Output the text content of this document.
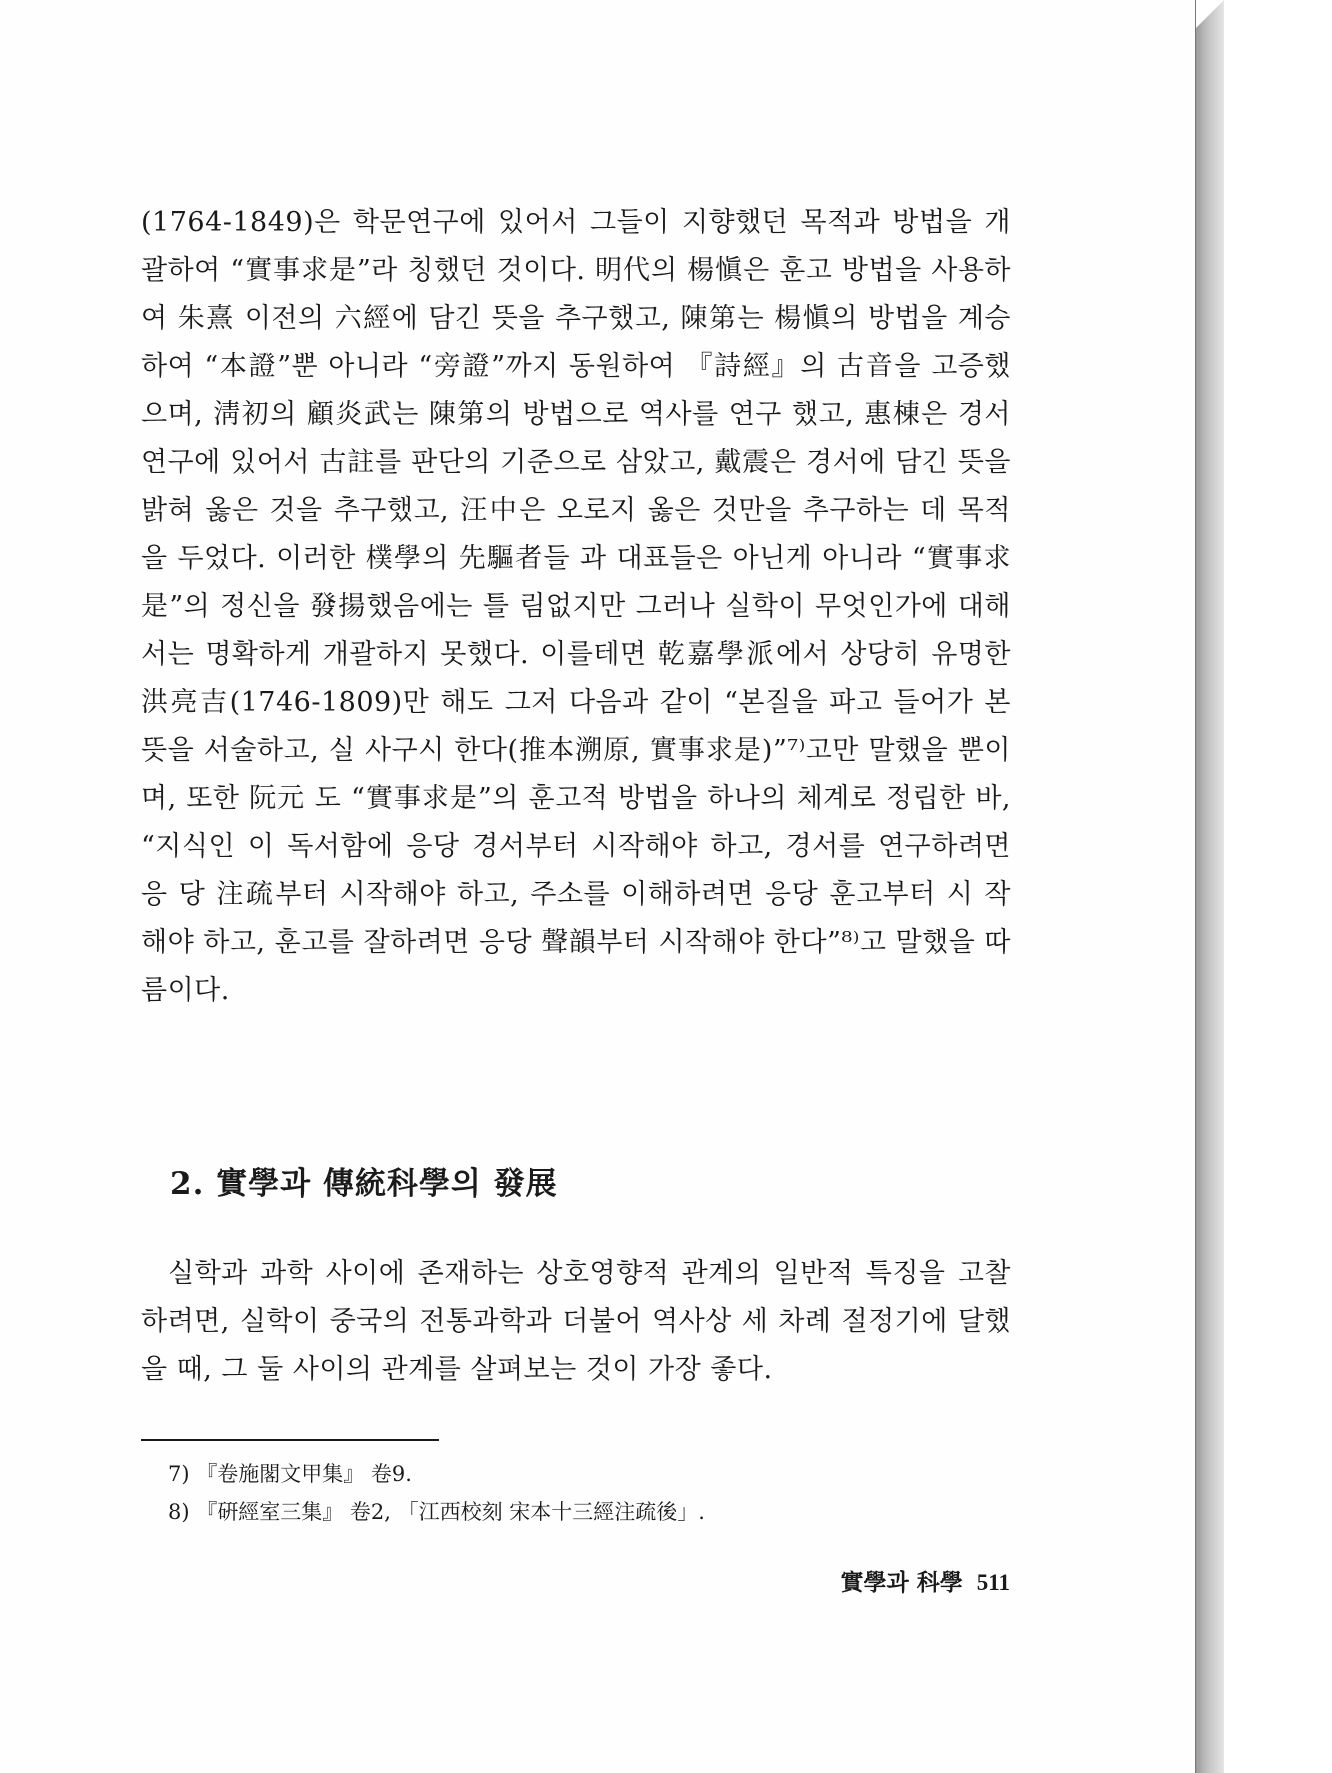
(1764-1849)은 학문연구에 있어서 그들이 지향했던 목적과 방법을 개괄하여 “實事求是”라 칭했던 것이다. 明代의 楊愼은 훈고 방법을 사용하여 朱熹 이전의 六經에 담긴 뜻을 추구했고, 陳第는 楊愼의 방법을 계승하여 “本證”뿐 아니라 “旁證”까지 동원하여 『詩經』의 古音을 고증했으며, 淸初의 顧炎武는 陳第의 방법으로 역사를 연구 했고, 惠棟은 경서연구에 있어서 古註를 판단의 기준으로 삼았고, 戴震은 경서에 담긴 뜻을 밝혀 옳은 것을 추구했고, 汪中은 오로지 옳은 것만을 추구하는 데 목적을 두었다. 이러한 樸學의 先驅者들 과 대표들은 아닌게 아니라 “實事求是”의 정신을 發揚했음에는 틀 림없지만 그러나 실학이 무엇인가에 대해서는 명확하게 개괄하지 못했다. 이를테면 乾嘉學派에서 상당히 유명한 洪亮吉(1746-1809)만 해도 그저 다음과 같이 “본질을 파고 들어가 본뜻을 서술하고, 실 사구시 한다(推本溯原, 實事求是)”⁷⁾고만 말했을 뿐이며, 또한 阮元 도 “實事求是”의 훈고적 방법을 하나의 체계로 정립한 바, “지식인 이 독서함에 응당 경서부터 시작해야 하고, 경서를 연구하려면 응 당 注疏부터 시작해야 하고, 주소를 이해하려면 응당 훈고부터 시 작해야 하고, 훈고를 잘하려면 응당 聲韻부터 시작해야 한다”⁸⁾고 말했을 따름이다.

2. 實學과 傳統科學의 發展

실학과 과학 사이에 존재하는 상호영향적 관계의 일반적 특징을 고찰하려면, 실학이 중국의 전통과학과 더불어 역사상 세 차례 절정기에 달했을 때, 그 둘 사이의 관계를 살펴보는 것이 가장 좋다.

7) 『卷施閣文甲集』 卷9.
8) 『硏經室三集』 卷2, 「江西校刻 宋本十三經注疏後」.
實學과 科學 511
